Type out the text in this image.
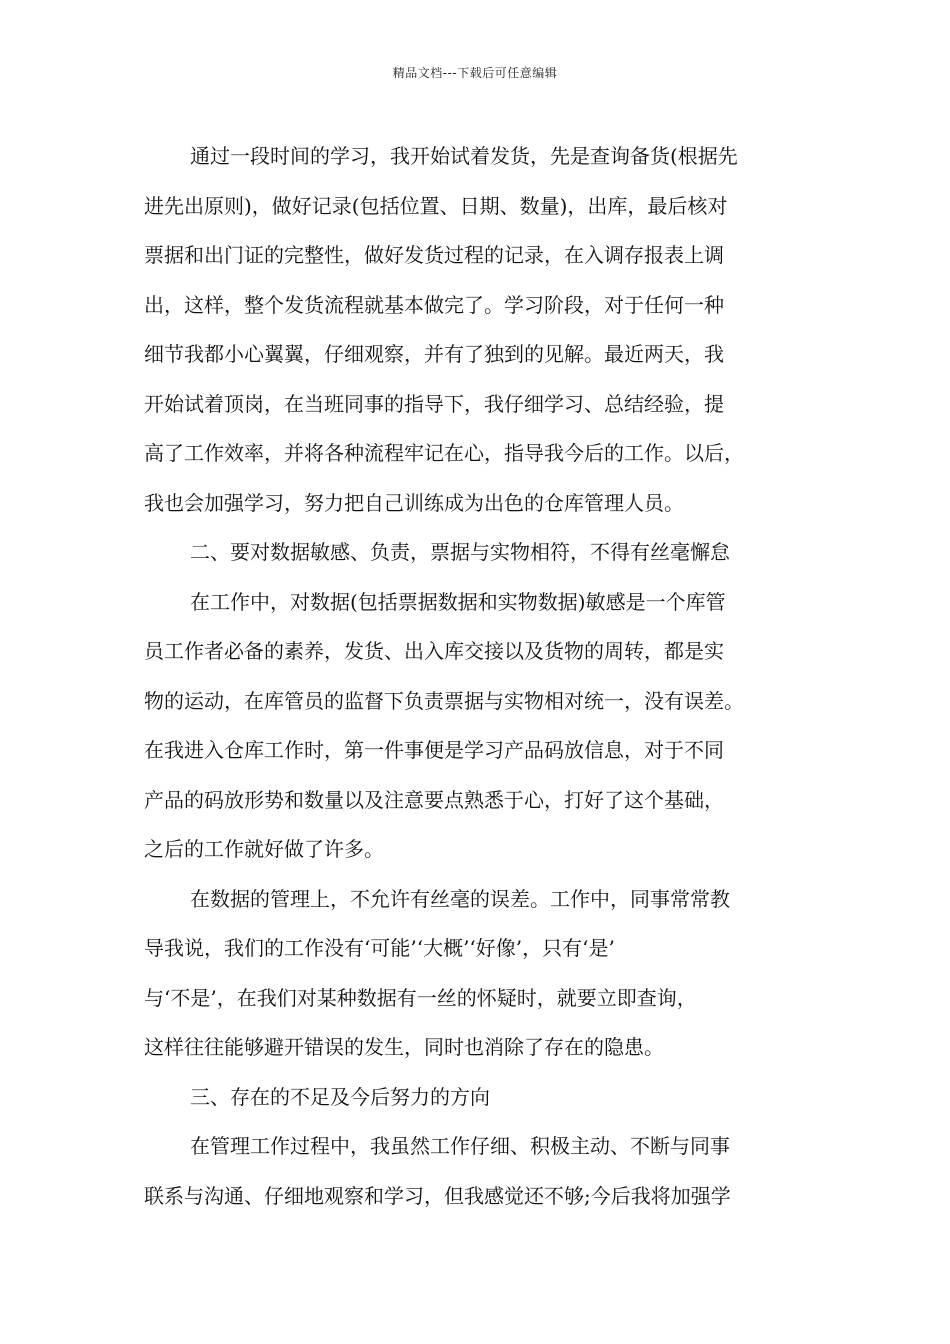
精品文档---下载后可任意编辑
通过一段时间的学习，我开始试着发货，先是查询备货(根据先
进先出原则)，做好记录(包括位置、日期、数量)，出库，最后核对
票据和出门证的完整性，做好发货过程的记录，在入调存报表上调
出，这样，整个发货流程就基本做完了。学习阶段，对于任何一种
细节我都小心翼翼，仔细观察，并有了独到的见解。最近两天，我
开始试着顶岗，在当班同事的指导下，我仔细学习、总结经验，提
高了工作效率，并将各种流程牢记在心，指导我今后的工作。以后，
我也会加强学习，努力把自己训练成为出色的仓库管理人员。
二、要对数据敏感、负责，票据与实物相符，不得有丝毫懈怠
在工作中，对数据(包括票据数据和实物数据)敏感是一个库管
员工作者必备的素养，发货、出入库交接以及货物的周转，都是实
物的运动，在库管员的监督下负责票据与实物相对统一，没有误差。
在我进入仓库工作时，第一件事便是学习产品码放信息，对于不同
产品的码放形势和数量以及注意要点熟悉于心，打好了这个基础，
之后的工作就好做了许多。
在数据的管理上，不允许有丝毫的误差。工作中，同事常常教
导我说，我们的工作没有‘可能’‘大概’‘好像’，只有‘是’
与‘不是’，在我们对某种数据有一丝的怀疑时，就要立即查询，
这样往往能够避开错误的发生，同时也消除了存在的隐患。
三、存在的不足及今后努力的方向
在管理工作过程中，我虽然工作仔细、积极主动、不断与同事
联系与沟通、仔细地观察和学习，但我感觉还不够;今后我将加强学
